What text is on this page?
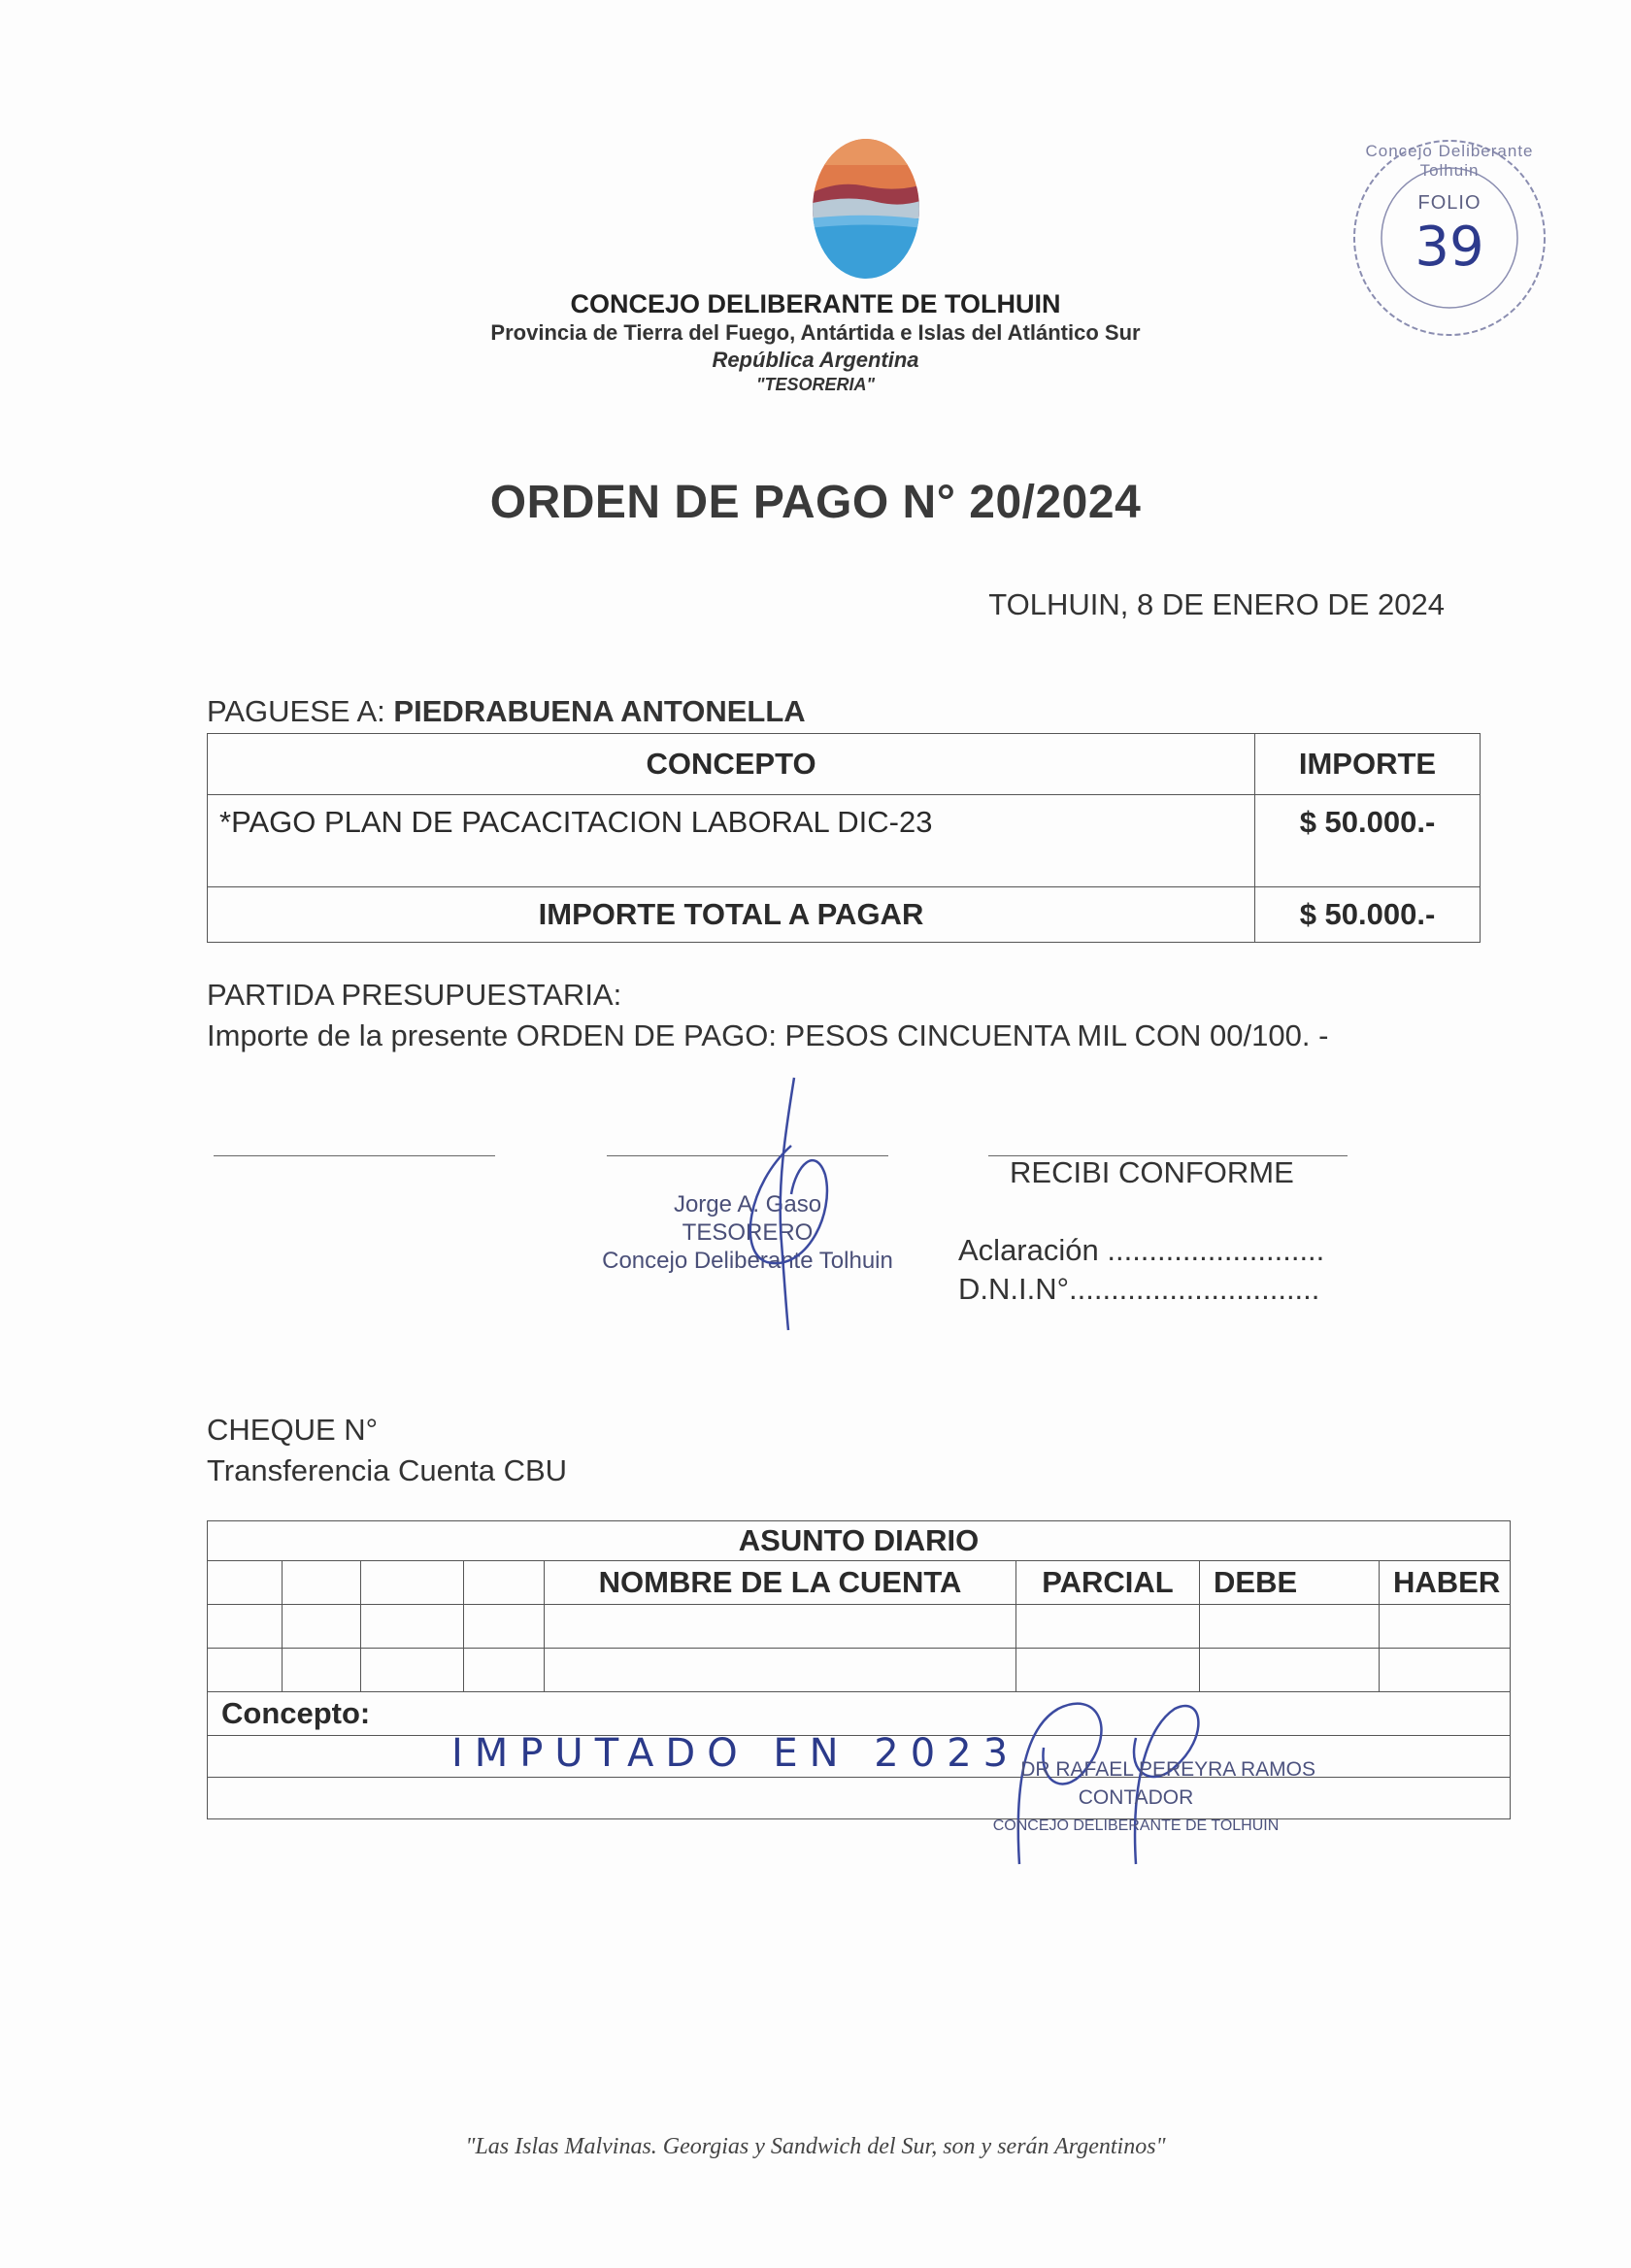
Concejo Deliberante Tolhuin
FOLIO
39
CONCEJO DELIBERANTE DE TOLHUIN
Provincia de Tierra del Fuego, Antártida e Islas del Atlántico Sur
República Argentina
"TESORERIA"
ORDEN DE PAGO N° 20/2024
TOLHUIN, 8 DE ENERO DE 2024
PAGUESE A: PIEDRABUENA ANTONELLA
CONCEPTO	IMPORTE
*PAGO PLAN DE PACACITACION LABORAL DIC-23	$ 50.000.-
IMPORTE TOTAL A PAGAR	$ 50.000.-
PARTIDA PRESUPUESTARIA:
Importe de la presente ORDEN DE PAGO: PESOS CINCUENTA MIL CON 00/100. -
Jorge A. Gaso
TESORERO
Concejo Deliberante Tolhuin
RECIBI CONFORME
Aclaración ..........................
D.N.I.N°..............................
CHEQUE N°
Transferencia Cuenta CBU
ASUNTO DIARIO							
				NOMBRE DE LA CUENTA	PARCIAL	DEBE	HABER

Concepto:							

IMPUTADO EN 2023 DR RAFAEL PEREYRA RAMOS
CONTADOR
CONCEJO DELIBERANTE DE TOLHUIN
"Las Islas Malvinas. Georgias y Sandwich del Sur, son y serán Argentinos"
